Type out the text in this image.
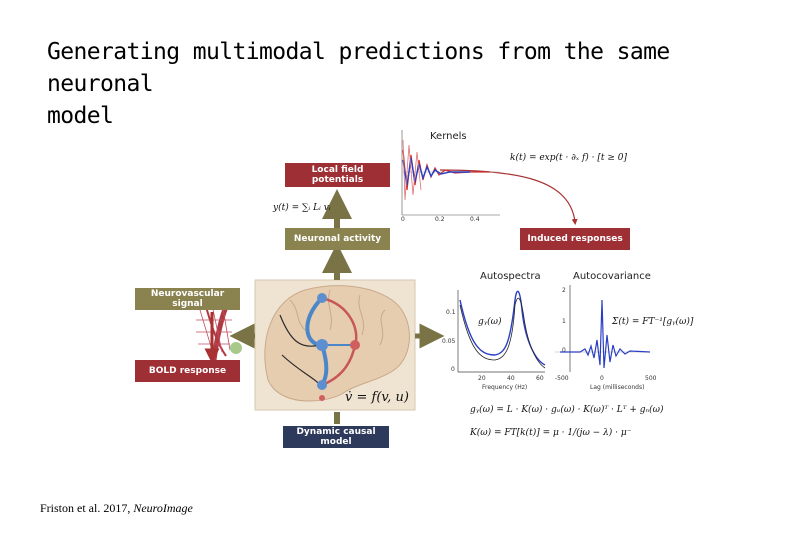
Generating multimodal predictions from the same neuronal
model
Local field potentials
Neuronal activity	Induced responses
Neurovascular signal
BOLD response
Dynamic causal model
Kernels
Autospectra	Autocovariance
Frequency (Hz)	Lag (milliseconds)
0	0.2	0.4
20	40	60
0.1
0.05
0
-500	0	500
2
1
0
k(t) = exp(t · ∂ₓ f) · [t ≥ 0]
y(t) = ∑ᵢ Lᵢ vᵢ
gᵧ(ω)	Σ(t) = FT⁻¹[gᵧ(ω)]
v̇ = f(v, u)
gᵧ(ω) = L · K(ω) · gᵤ(ω) · K(ω)ᵀ · Lᵀ + gₙ(ω)
K(ω) = FT[k(t)] = μ · 1/(jω − λ) · μ⁻
Friston et al. 2017, NeuroImage
